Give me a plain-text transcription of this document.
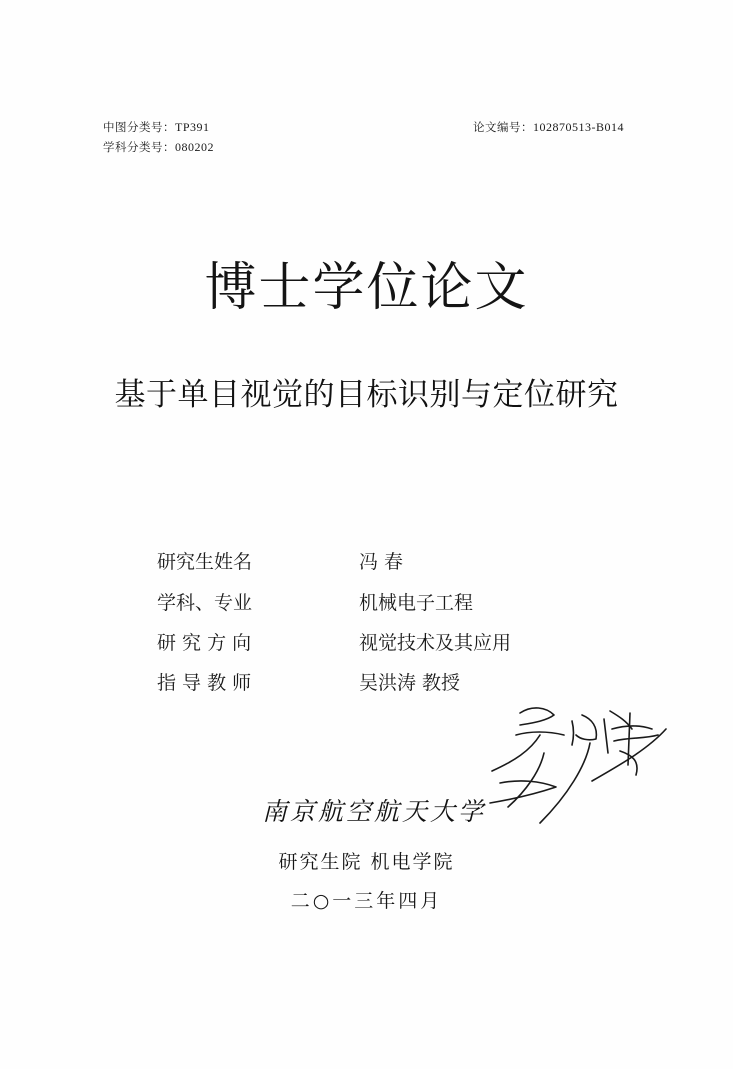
中图分类号：TP391
学科分类号：080202
论文编号：102870513-B014
博士学位论文
基于单目视觉的目标识别与定位研究
研究生姓名	冯 春
学科、专业	机械电子工程
研 究 方 向	视觉技术及其应用
指 导 教 师	吴洪涛 教授
南京航空航天大学
研究生院 机电学院
二○一三年四月
